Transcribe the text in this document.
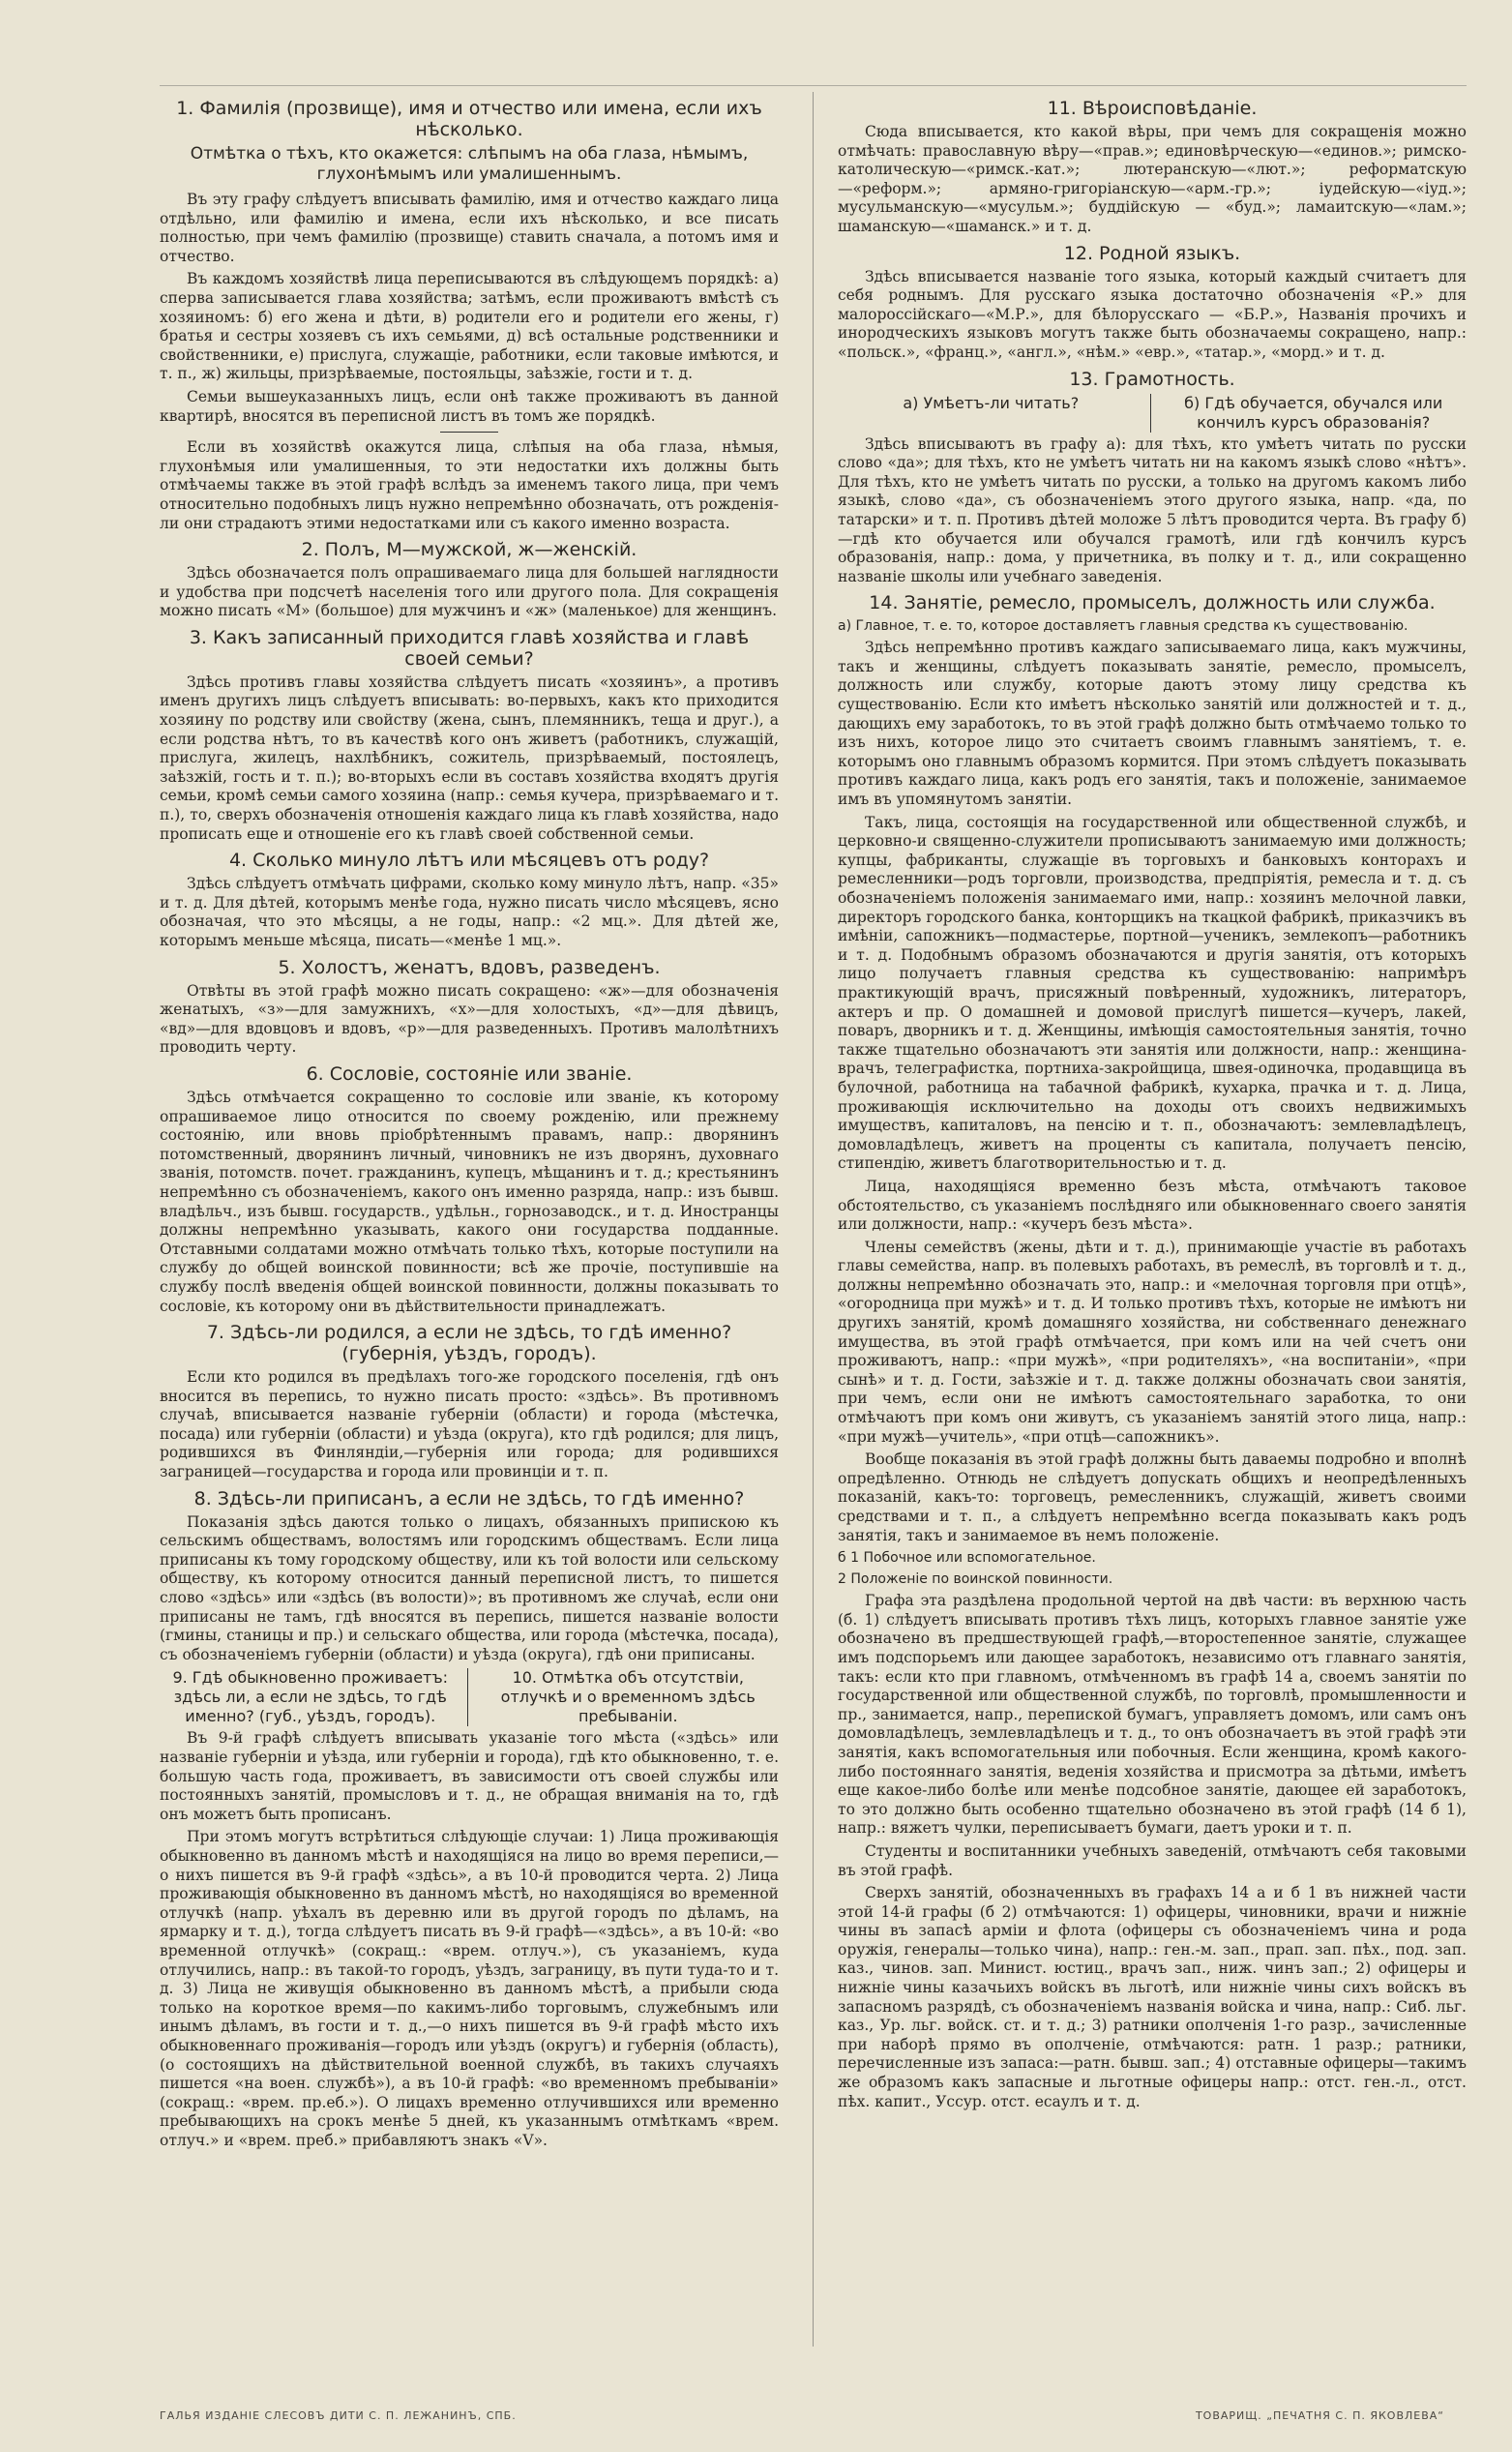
1. Фамилія (прозвище), имя и отчество или имена, если ихъ нѣсколько.
Отмѣтка о тѣхъ, кто окажется: слѣпымъ на оба глаза, нѣмымъ, глухонѣмымъ или умалишеннымъ.

Въ эту графу слѣдуетъ вписывать фамилію, имя и отчество каждаго лица отдѣльно, или фамилію и имена, если ихъ нѣсколько, и все писать полностью, при чемъ фамилію (прозвище) ставить сначала, а потомъ имя и отчество.

Въ каждомъ хозяйствѣ лица переписываются въ слѣдующемъ порядкѣ: а) сперва записывается глава хозяйства; затѣмъ, если проживаютъ вмѣстѣ съ хозяиномъ: б) его жена и дѣти, в) родители его и родители его жены, г) братья и сестры хозяевъ съ ихъ семьями, д) всѣ остальные родственники и свойственники, е) прислуга, служащіе, работники, если таковые имѣются, и т. п., ж) жильцы, призрѣваемые, постояльцы, заѣзжіе, гости и т. д.

Семьи вышеуказанныхъ лицъ, если онѣ также проживаютъ въ данной квартирѣ, вносятся въ переписной листъ въ томъ же порядкѣ.

Если въ хозяйствѣ окажутся лица, слѣпыя на оба глаза, нѣмыя, глухонѣмыя или умалишенныя, то эти недостатки ихъ должны быть отмѣчаемы также въ этой графѣ вслѣдъ за именемъ такого лица, при чемъ относительно подобныхъ лицъ нужно непремѣнно обозначать, отъ рожденія-ли они страдаютъ этими недостатками или съ какого именно возраста.

2. Полъ, М—мужской, ж—женскій.

Здѣсь обозначается полъ опрашиваемаго лица для большей наглядности и удобства при подсчетѣ населенія того или другого пола. Для сокращенія можно писать «М» (большое) для мужчинъ и «ж» (маленькое) для женщинъ.

3. Какъ записанный приходится главѣ хозяйства и главѣ своей семьи?

Здѣсь противъ главы хозяйства слѣдуетъ писать «хозяинъ», а противъ именъ другихъ лицъ слѣдуетъ вписывать: во-первыхъ, какъ кто приходится хозяину по родству или свойству (жена, сынъ, племянникъ, теща и друг.), а если родства нѣтъ, то въ качествѣ кого онъ живетъ (работникъ, служащій, прислуга, жилецъ, нахлѣбникъ, сожитель, призрѣваемый, постоялецъ, заѣзжій, гость и т. п.); во-вторыхъ если въ составъ хозяйства входятъ другія семьи, кромѣ семьи самого хозяина (напр.: семья кучера, призрѣваемаго и т. п.), то, сверхъ обозначенія отношенія каждаго лица къ главѣ хозяйства, надо прописать еще и отношеніе его къ главѣ своей собственной семьи.

4. Сколько минуло лѣтъ или мѣсяцевъ отъ роду?

Здѣсь слѣдуетъ отмѣчать цифрами, сколько кому минуло лѣтъ, напр. «35» и т. д. Для дѣтей, которымъ менѣе года, нужно писать число мѣсяцевъ, ясно обозначая, что это мѣсяцы, а не годы, напр.: «2 мц.». Для дѣтей же, которымъ меньше мѣсяца, писать—«менѣе 1 мц.».

5. Холостъ, женатъ, вдовъ, разведенъ.

Отвѣты въ этой графѣ можно писать сокращено: «ж»—для обозначенія женатыхъ, «з»—для замужнихъ, «х»—для холостыхъ, «д»—для дѣвицъ, «вд»—для вдовцовъ и вдовъ, «р»—для разведенныхъ. Противъ малолѣтнихъ проводить черту.

6. Сословіе, состояніе или званіе.

Здѣсь отмѣчается сокращенно то сословіе или званіе, къ которому опрашиваемое лицо относится по своему рожденію, или прежнему состоянію, или вновь пріобрѣтеннымъ правамъ, напр.: дворянинъ потомственный, дворянинъ личный, чиновникъ не изъ дворянъ, духовнаго званія, потомств. почет. гражданинъ, купецъ, мѣщанинъ и т. д.; крестьянинъ непремѣнно съ обозначеніемъ, какого онъ именно разряда, напр.: изъ бывш. владѣльч., изъ бывш. государств., удѣльн., горнозаводск., и т. д. Иностранцы должны непремѣнно указывать, какого они государства подданные. Отставными солдатами можно отмѣчать только тѣхъ, которые поступили на службу до общей воинской повинности; всѣ же прочіе, поступившіе на службу послѣ введенія общей воинской повинности, должны показывать то сословіе, къ которому они въ дѣйствительности принадлежатъ.

7. Здѣсь-ли родился, а если не здѣсь, то гдѣ именно? (губернія, уѣздъ, городъ).

Если кто родился въ предѣлахъ того-же городского поселенія, гдѣ онъ вносится въ перепись, то нужно писать просто: «здѣсь». Въ противномъ случаѣ, вписывается названіе губерніи (области) и города (мѣстечка, посада) или губерніи (области) и уѣзда (округа), кто гдѣ родился; для лицъ, родившихся въ Финляндіи,—губернія или города; для родившихся заграницей—государства и города или провинціи и т. п.

8. Здѣсь-ли приписанъ, а если не здѣсь, то гдѣ именно?

Показанія здѣсь даются только о лицахъ, обязанныхъ припискою къ сельскимъ обществамъ, волостямъ или городскимъ обществамъ. Если лица приписаны къ тому городскому обществу, или къ той волости или сельскому обществу, къ которому относится данный переписной листъ, то пишется слово «здѣсь» или «здѣсь (въ волости)»; въ противномъ же случаѣ, если они приписаны не тамъ, гдѣ вносятся въ перепись, пишется названіе волости (гмины, станицы и пр.) и сельскаго общества, или города (мѣстечка, посада), съ обозначеніемъ губерніи (области) и уѣзда (округа), гдѣ они приписаны.

9. Гдѣ обыкновенно проживаетъ: здѣсь ли, а если не здѣсь, то гдѣ именно? (губ., уѣздъ, городъ).
10. Отмѣтка объ отсутствіи, отлучкѣ и о временномъ здѣсь пребываніи.

Въ 9-й графѣ слѣдуетъ вписывать указаніе того мѣста («здѣсь» или названіе губерніи и уѣзда, или губерніи и города), гдѣ кто обыкновенно, т. е. большую часть года, проживаетъ, въ зависимости отъ своей службы или постоянныхъ занятій, промысловъ и т. д., не обращая вниманія на то, гдѣ онъ можетъ быть прописанъ.

При этомъ могутъ встрѣтиться слѣдующіе случаи: 1) Лица проживающія обыкновенно въ данномъ мѣстѣ и находящіяся на лицо во время переписи,—о нихъ пишется въ 9-й графѣ «здѣсь», а въ 10-й проводится черта. 2) Лица проживающія обыкновенно въ данномъ мѣстѣ, но находящіяся во временной отлучкѣ (напр. уѣхалъ въ деревню или въ другой городъ по дѣламъ, на ярмарку и т. д.), тогда слѣдуетъ писать въ 9-й графѣ—«здѣсь», а въ 10-й: «во временной отлучкѣ» (сокращ.: «врем. отлуч.»), съ указаніемъ, куда отлучились, напр.: въ такой-то городъ, уѣздъ, заграницу, въ пути туда-то и т. д. 3) Лица не живущія обыкновенно въ данномъ мѣстѣ, а прибыли сюда только на короткое время—по какимъ-либо торговымъ, служебнымъ или инымъ дѣламъ, въ гости и т. д.,—о нихъ пишется въ 9-й графѣ мѣсто ихъ обыкновеннаго проживанія—городъ или уѣздъ (округъ) и губернія (область), (о состоящихъ на дѣйствительной военной службѣ, въ такихъ случаяхъ пишется «на воен. службѣ»), а въ 10-й графѣ: «во временномъ пребываніи» (сокращ.: «врем. пр.еб.»). О лицахъ временно отлучившихся или временно пребывающихъ на срокъ менѣе 5 дней, къ указаннымъ отмѣткамъ «врем. отлуч.» и «врем. преб.» прибавляютъ знакъ «V».

11. Вѣроисповѣданіе.

Сюда вписывается, кто какой вѣры, при чемъ для сокращенія можно отмѣчать: православную вѣру—«прав.»; единовѣрческую—«единов.»; римско-католическую—«римск.-кат.»; лютеранскую—«лют.»; реформатскую—«реформ.»; армяно-григоріанскую—«арм.-гр.»; іудейскую—«іуд.»; мусульманскую—«мусульм.»; буддійскую — «буд.»; ламаитскую—«лам.»; шаманскую—«шаманск.» и т. д.

12. Родной языкъ.

Здѣсь вписывается названіе того языка, который каждый считаетъ для себя роднымъ. Для русскаго языка достаточно обозначенія «Р.» для малороссійскаго—«М.Р.», для бѣлорусскаго — «Б.Р.», Названія прочихъ и инородческихъ языковъ могутъ также быть обозначаемы сокращено, напр.: «польск.», «франц.», «англ.», «нѣм.» «евр.», «татар.», «морд.» и т. д.

13. Грамотность.
а) Умѣетъ-ли читать?	б) Гдѣ обучается, обучался или кончилъ курсъ образованія?

Здѣсь вписываютъ въ графу а): для тѣхъ, кто умѣетъ читать по русски слово «да»; для тѣхъ, кто не умѣетъ читать ни на какомъ языкѣ слово «нѣтъ». Для тѣхъ, кто не умѣетъ читать по русски, а только на другомъ какомъ либо языкѣ, слово «да», съ обозначеніемъ этого другого языка, напр. «да, по татарски» и т. п. Противъ дѣтей моложе 5 лѣтъ проводится черта. Въ графу б)—гдѣ кто обучается или обучался грамотѣ, или гдѣ кончилъ курсъ образованія, напр.: дома, у причетника, въ полку и т. д., или сокращенно названіе школы или учебнаго заведенія.

14. Занятіе, ремесло, промыселъ, должность или служба.
а) Главное, т. е. то, которое доставляетъ главныя средства къ существованію.

Здѣсь непремѣнно противъ каждаго записываемаго лица, какъ мужчины, такъ и женщины, слѣдуетъ показывать занятіе, ремесло, промыселъ, должность или службу, которые даютъ этому лицу средства къ существованію. Если кто имѣетъ нѣсколько занятій или должностей и т. д., дающихъ ему заработокъ, то въ этой графѣ должно быть отмѣчаемо только то изъ нихъ, которое лицо это считаетъ своимъ главнымъ занятіемъ, т. е. которымъ оно главнымъ образомъ кормится. При этомъ слѣдуетъ показывать противъ каждаго лица, какъ родъ его занятія, такъ и положеніе, занимаемое имъ въ упомянутомъ занятіи.

Такъ, лица, состоящія на государственной или общественной службѣ, и церковно-и священно-служители прописываютъ занимаемую ими должность; купцы, фабриканты, служащіе въ торговыхъ и банковыхъ конторахъ и ремесленники—родъ торговли, производства, предпріятія, ремесла и т. д. съ обозначеніемъ положенія занимаемаго ими, напр.: хозяинъ мелочной лавки, директоръ городского банка, конторщикъ на ткацкой фабрикѣ, приказчикъ въ имѣніи, сапожникъ—подмастерье, портной—ученикъ, землекопъ—работникъ и т. д. Подобнымъ образомъ обозначаются и другія занятія, отъ которыхъ лицо получаетъ главныя средства къ существованію: напримѣръ практикующій врачъ, присяжный повѣренный, художникъ, литераторъ, актеръ и пр. О домашней и домовой прислугѣ пишется—кучеръ, лакей, поваръ, дворникъ и т. д. Женщины, имѣющія самостоятельныя занятія, точно также тщательно обозначаютъ эти занятія или должности, напр.: женщина-врачъ, телеграфистка, портниха-закройщица, швея-одиночка, продавщица въ булочной, работница на табачной фабрикѣ, кухарка, прачка и т. д. Лица, проживающія исключительно на доходы отъ своихъ недвижимыхъ имуществъ, капиталовъ, на пенсію и т. п., обозначаютъ: землевладѣлецъ, домовладѣлецъ, живетъ на проценты съ капитала, получаетъ пенсію, стипендію, живетъ благотворительностью и т. д.

Лица, находящіяся временно безъ мѣста, отмѣчаютъ таковое обстоятельство, съ указаніемъ послѣдняго или обыкновеннаго своего занятія или должности, напр.: «кучеръ безъ мѣста».

Члены семействъ (жены, дѣти и т. д.), принимающіе участіе въ работахъ главы семейства, напр. въ полевыхъ работахъ, въ ремеслѣ, въ торговлѣ и т. д., должны непремѣнно обозначать это, напр.: и «мелочная торговля при отцѣ», «огородница при мужѣ» и т. д. И только противъ тѣхъ, которые не имѣютъ ни другихъ занятій, кромѣ домашняго хозяйства, ни собственнаго денежнаго имущества, въ этой графѣ отмѣчается, при комъ или на чей счетъ они проживаютъ, напр.: «при мужѣ», «при родителяхъ», «на воспитаніи», «при сынѣ» и т. д. Гости, заѣзжіе и т. д. также должны обозначать свои занятія, при чемъ, если они не имѣютъ самостоятельнаго заработка, то они отмѣчаютъ при комъ они живутъ, съ указаніемъ занятій этого лица, напр.: «при мужѣ—учитель», «при отцѣ—сапожникъ».

Вообще показанія въ этой графѣ должны быть даваемы подробно и вполнѣ опредѣленно. Отнюдь не слѣдуетъ допускать общихъ и неопредѣленныхъ показаній, какъ-то: торговецъ, ремесленникъ, служащій, живетъ своими средствами и т. п., а слѣдуетъ непремѣнно всегда показывать какъ родъ занятія, такъ и занимаемое въ немъ положеніе.

б 1 Побочное или вспомогательное.
2 Положеніе по воинской повинности.

Графа эта раздѣлена продольной чертой на двѣ части: въ верхнюю часть (б. 1) слѣдуетъ вписывать противъ тѣхъ лицъ, которыхъ главное занятіе уже обозначено въ предшествующей графѣ,—второстепенное занятіе, служащее имъ подспорьемъ или дающее заработокъ, независимо отъ главнаго занятія, такъ: если кто при главномъ, отмѣченномъ въ графѣ 14 а, своемъ занятіи по государственной или общественной службѣ, по торговлѣ, промышленности и пр., занимается, напр., перепиской бумагъ, управляетъ домомъ, или самъ онъ домовладѣлецъ, землевладѣлецъ и т. д., то онъ обозначаетъ въ этой графѣ эти занятія, какъ вспомогательныя или побочныя. Если женщина, кромѣ какого-либо постояннаго занятія, веденія хозяйства и присмотра за дѣтьми, имѣетъ еще какое-либо болѣе или менѣе подсобное занятіе, дающее ей заработокъ, то это должно быть особенно тщательно обозначено въ этой графѣ (14 б 1), напр.: вяжетъ чулки, переписываетъ бумаги, даетъ уроки и т. п.

Студенты и воспитанники учебныхъ заведеній, отмѣчаютъ себя таковыми въ этой графѣ.

Сверхъ занятій, обозначенныхъ въ графахъ 14 а и б 1 въ нижней части этой 14-й графы (б 2) отмѣчаются: 1) офицеры, чиновники, врачи и нижніе чины въ запасѣ арміи и флота (офицеры съ обозначеніемъ чина и рода оружія, генералы—только чина), напр.: ген.-м. зап., прап. зап. пѣх., под. зап. каз., чинов. зап. Минист. юстиц., врачъ зап., ниж. чинъ зап.; 2) офицеры и нижніе чины казачьихъ войскъ въ льготѣ, или нижніе чины сихъ войскъ въ запасномъ разрядѣ, съ обозначеніемъ названія войска и чина, напр.: Сиб. льг. каз., Ур. льг. войск. ст. и т. д.; 3) ратники ополченія 1-го разр., зачисленные при наборѣ прямо въ ополченіе, отмѣчаются: ратн. 1 разр.; ратники, перечисленные изъ запаса:—ратн. бывш. зап.; 4) отставные офицеры—такимъ же образомъ какъ запасные и льготные офицеры напр.: отст. ген.-л., отст. пѣх. капит., Уссур. отст. есаулъ и т. д.

ГАЛЬЯ ИЗДАНІЕ СЛЕСОВЪ ДИТИ С. П. ЛЕЖАНИНЪ, СПБ.	ТОВАРИЩ. „ПЕЧАТНЯ С. П. ЯКОВЛЕВА“
